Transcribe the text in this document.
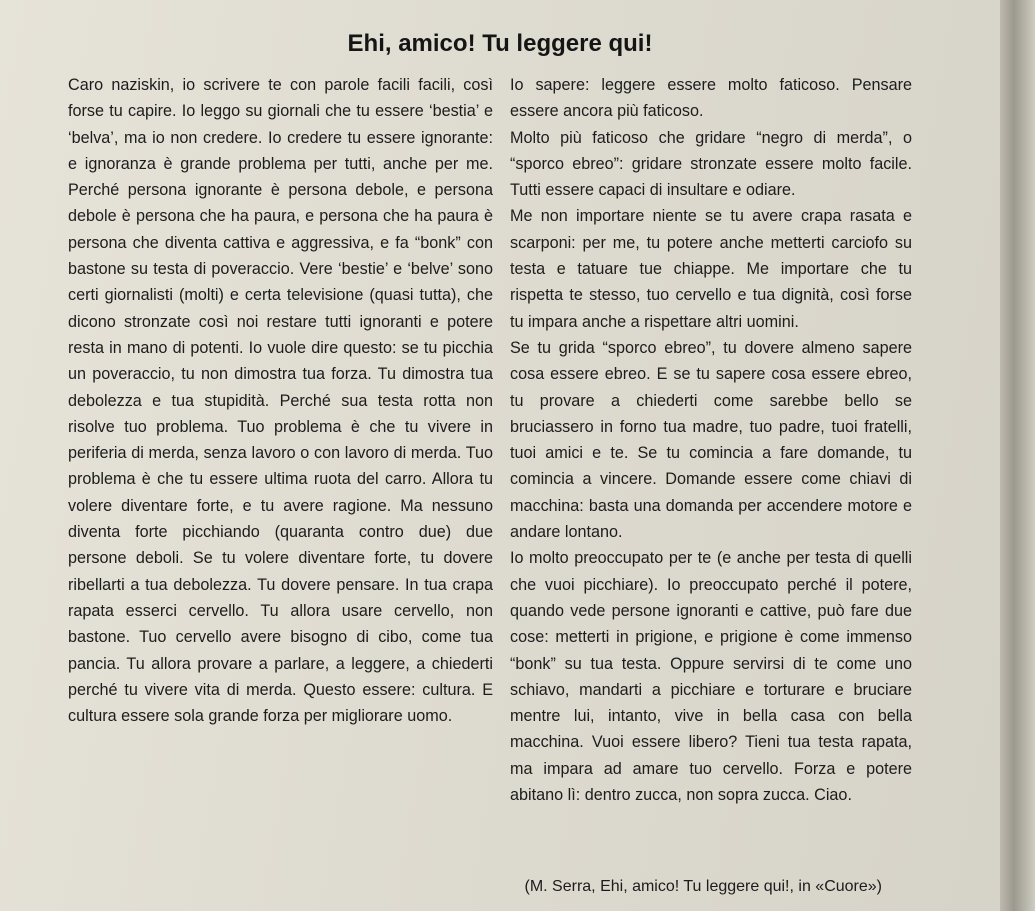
Ehi, amico! Tu leggere qui!

Caro naziskin, io scrivere te con parole facili facili, così forse tu capire. Io leggo su giornali che tu essere ‘bestia’ e ‘belva’, ma io non credere. Io credere tu essere ignorante: e ignoranza è grande problema per tutti, anche per me. Perché persona ignorante è persona debole, e persona debole è persona che ha paura, e persona che ha paura è persona che diventa cattiva e aggressiva, e fa “bonk” con bastone su testa di poveraccio. Vere ‘bestie’ e ‘belve’ sono certi giornalisti (molti) e certa televisione (quasi tutta), che dicono stronzate così noi restare tutti ignoranti e potere resta in mano di potenti. Io vuole dire questo: se tu picchia un poveraccio, tu non dimostra tua forza. Tu dimostra tua debolezza e tua stupidità. Perché sua testa rotta non risolve tuo problema. Tuo problema è che tu vivere in periferia di merda, senza lavoro o con lavoro di merda. Tuo problema è che tu essere ultima ruota del carro. Allora tu volere diventare forte, e tu avere ragione. Ma nessuno diventa forte picchiando (quaranta contro due) due persone deboli. Se tu volere diventare forte, tu dovere ribellarti a tua debolezza. Tu dovere pensare. In tua crapa rapata esserci cervello. Tu allora usare cervello, non bastone. Tuo cervello avere bisogno di cibo, come tua pancia. Tu allora provare a parlare, a leggere, a chiederti perché tu vivere vita di merda. Questo essere: cultura. E cultura essere sola grande forza per migliorare uomo.

Io sapere: leggere essere molto faticoso. Pensare essere ancora più faticoso.

Molto più faticoso che gridare “negro di merda”, o “sporco ebreo”: gridare stronzate essere molto facile. Tutti essere capaci di insultare e odiare.

Me non importare niente se tu avere crapa rasata e scarponi: per me, tu potere anche metterti carciofo su testa e tatuare tue chiappe. Me importare che tu rispetta te stesso, tuo cervello e tua dignità, così forse tu impara anche a rispettare altri uomini.

Se tu grida “sporco ebreo”, tu dovere almeno sapere cosa essere ebreo. E se tu sapere cosa essere ebreo, tu provare a chiederti come sarebbe bello se bruciassero in forno tua madre, tuo padre, tuoi fratelli, tuoi amici e te. Se tu comincia a fare domande, tu comincia a vincere. Domande essere come chiavi di macchina: basta una domanda per accendere motore e andare lontano.

Io molto preoccupato per te (e anche per testa di quelli che vuoi picchiare). Io preoccupato perché il potere, quando vede persone ignoranti e cattive, può fare due cose: metterti in prigione, e prigione è come immenso “bonk” su tua testa. Oppure servirsi di te come uno schiavo, mandarti a picchiare e torturare e bruciare mentre lui, intanto, vive in bella casa con bella macchina. Vuoi essere libero? Tieni tua testa rapata, ma impara ad amare tuo cervello. Forza e potere abitano lì: dentro zucca, non sopra zucca. Ciao.

(M. Serra, Ehi, amico! Tu leggere qui!, in «Cuore»)
